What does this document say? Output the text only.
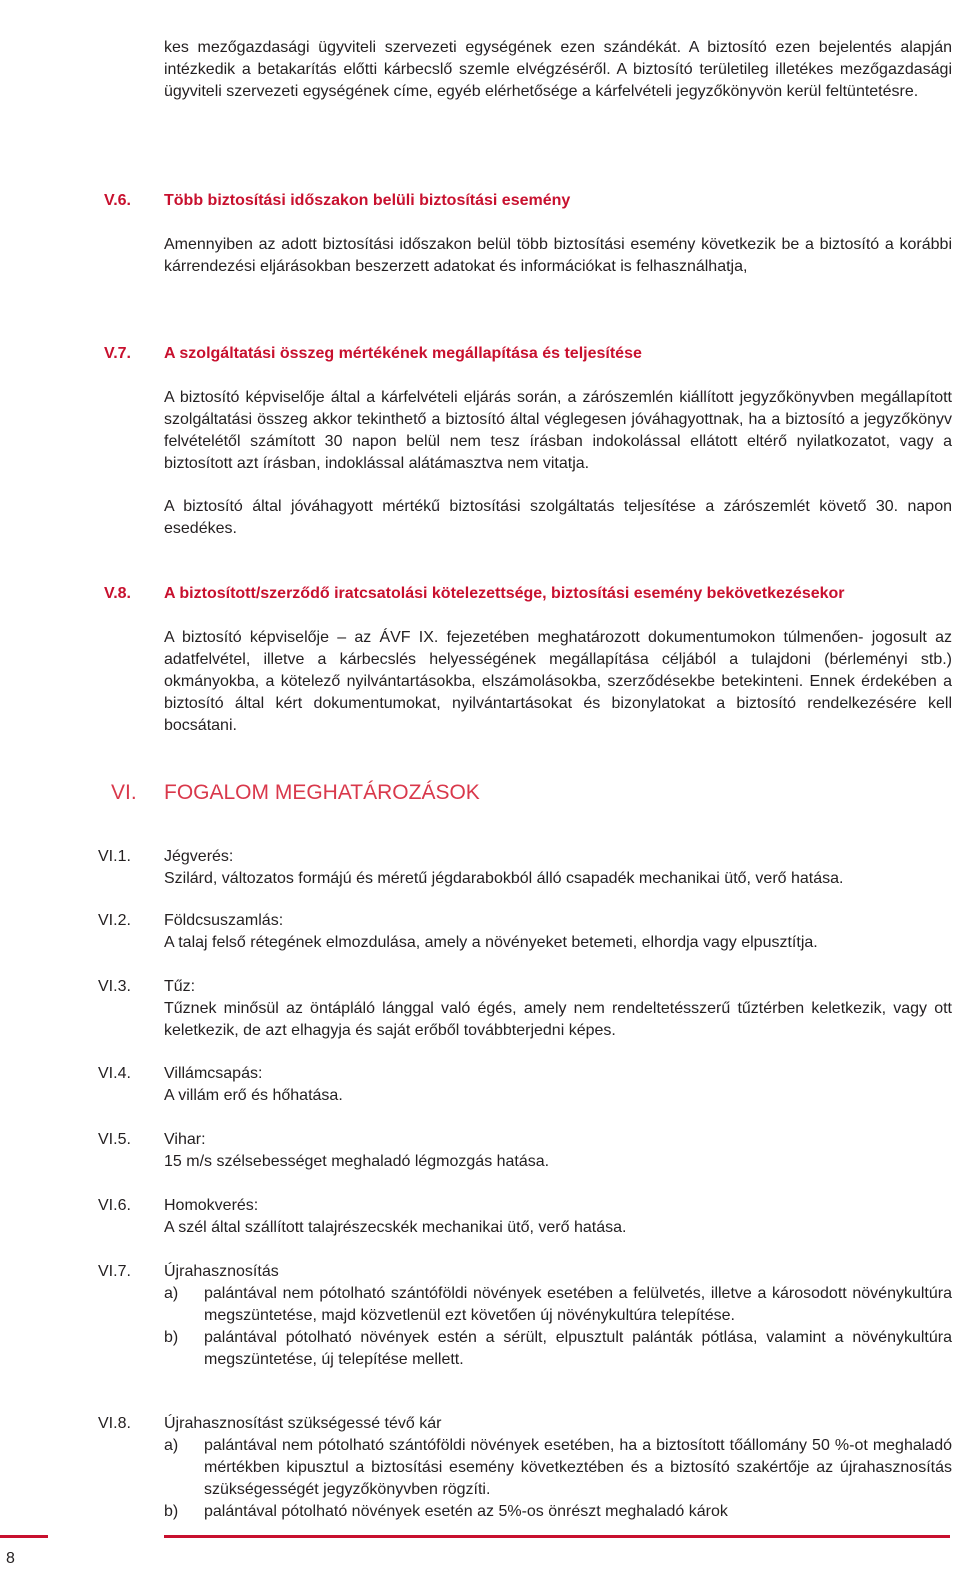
kes mezőgazdasági ügyviteli szervezeti egységének ezen szándékát. A biztosító ezen bejelentés alapján intézkedik a betakarítás előtti kárbecslő szemle elvégzéséről. A biztosító területileg illetékes mezőgazdasági ügyviteli szervezeti egységének címe, egyéb elérhetősége a kárfelvételi jegyzőkönyvön kerül feltüntetésre.

V.6. Több biztosítási időszakon belüli biztosítási esemény

Amennyiben az adott biztosítási időszakon belül több biztosítási esemény következik be a biztosító a korábbi kárrendezési eljárásokban beszerzett adatokat és információkat is felhasználhatja,

V.7. A szolgáltatási összeg mértékének megállapítása és teljesítése

A biztosító képviselője által a kárfelvételi eljárás során, a zárószemlén kiállított jegyzőkönyvben megállapított szolgáltatási összeg akkor tekinthető a biztosító által véglegesen jóváhagyottnak, ha a biztosító a jegyzőkönyv felvételétől számított 30 napon belül nem tesz írásban indokolással ellátott eltérő nyilatkozatot, vagy a biztosított azt írásban, indoklással alátámasztva nem vitatja.

A biztosító által jóváhagyott mértékű biztosítási szolgáltatás teljesítése a zárószemlét követő 30. napon esedékes.

V.8. A biztosított/szerződő iratcsatolási kötelezettsége, biztosítási esemény bekövetkezésekor

A biztosító képviselője – az ÁVF IX. fejezetében meghatározott dokumentumokon túlmenően- jogosult az adatfelvétel, illetve a kárbecslés helyességének megállapítása céljából a tulajdoni (bérleményi stb.) okmányokba, a kötelező nyilvántartásokba, elszámolásokba, szerződésekbe betekinteni. Ennek érdekében a biztosító által kért dokumentumokat, nyilvántartásokat és bizonylatokat a biztosító rendelkezésére kell bocsátani.

VI. FOGALOM MEGHATÁROZÁSOK
VI.1. Jégverés:
Szilárd, változatos formájú és méretű jégdarabokból álló csapadék mechanikai ütő, verő hatása.
VI.2. Földcsuszamlás:
A talaj felső rétegének elmozdulása, amely a növényeket betemeti, elhordja vagy elpusztítja.
VI.3. Tűz:
Tűznek minősül az öntápláló lánggal való égés, amely nem rendeltetésszerű tűztérben keletkezik, vagy ott keletkezik, de azt elhagyja és saját erőből továbbterjedni képes.
VI.4. Villámcsapás:
A villám erő és hőhatása.
VI.5. Vihar:
15 m/s szélsebességet meghaladó légmozgás hatása.
VI.6. Homokverés:
A szél által szállított talajrészecskék mechanikai ütő, verő hatása.
VI.7. Újrahasznosítás
a) palántával nem pótolható szántóföldi növények esetében a felülvetés, illetve a károsodott növénykultúra megszüntetése, majd közvetlenül ezt követően új növénykultúra telepítése.
b) palántával pótolható növények estén a sérült, elpusztult palánták pótlása, valamint a növénykultúra megszüntetése, új telepítése mellett.
VI.8. Újrahasznosítást szükségessé tévő kár
a) palántával nem pótolható szántóföldi növények esetében, ha a biztosított tőállomány 50 %-ot meghaladó mértékben kipusztul a biztosítási esemény következtében és a biztosító szakértője az újrahasznosítás szükségességét jegyzőkönyvben rögzíti.
b) palántával pótolható növények esetén az 5%-os önrészt meghaladó károk
8
